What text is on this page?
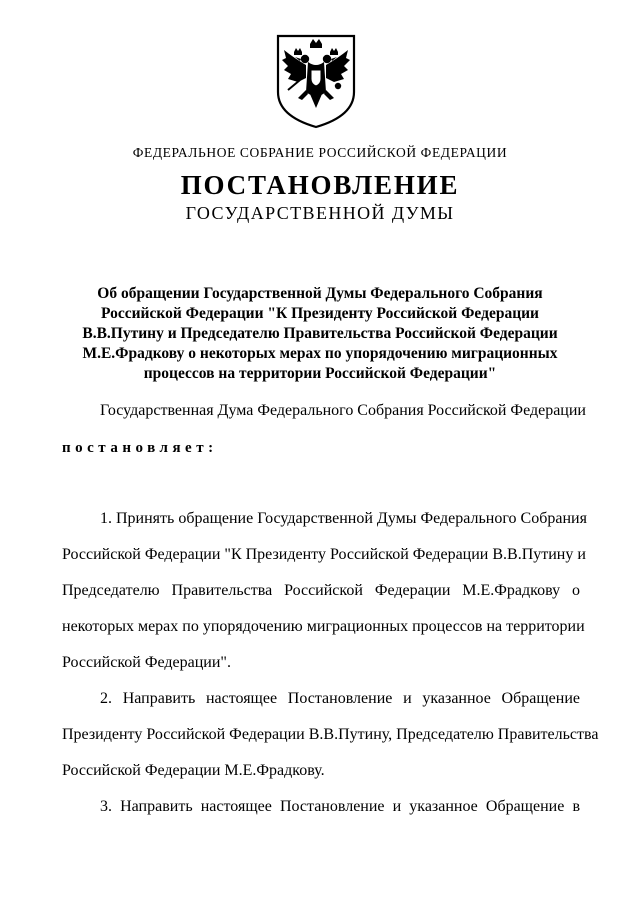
ФЕДЕРАЛЬНОЕ СОБРАНИЕ РОССИЙСКОЙ ФЕДЕРАЦИИ
ПОСТАНОВЛЕНИЕ
ГОСУДАРСТВЕННОЙ ДУМЫ
Об обращении Государственной Думы Федерального Собрания
Российской Федерации "К Президенту Российской Федерации
В.В.Путину и Председателю Правительства Российской Федерации
М.Е.Фрадкову о некоторых мерах по упорядочению миграционных
процессов на территории Российской Федерации"
Государственная Дума Федерального Собрания Российской Федерации
постановляет:
1. Принять обращение Государственной Думы Федерального Собрания
Российской Федерации "К Президенту Российской Федерации В.В.Путину и
Председателю Правительства Российской Федерации М.Е.Фрадкову о
некоторых мерах по упорядочению миграционных процессов на территории
Российской Федерации".
2. Направить настоящее Постановление и указанное Обращение
Президенту Российской Федерации В.В.Путину, Председателю Правительства
Российской Федерации М.Е.Фрадкову.
3. Направить настоящее Постановление и указанное Обращение в
